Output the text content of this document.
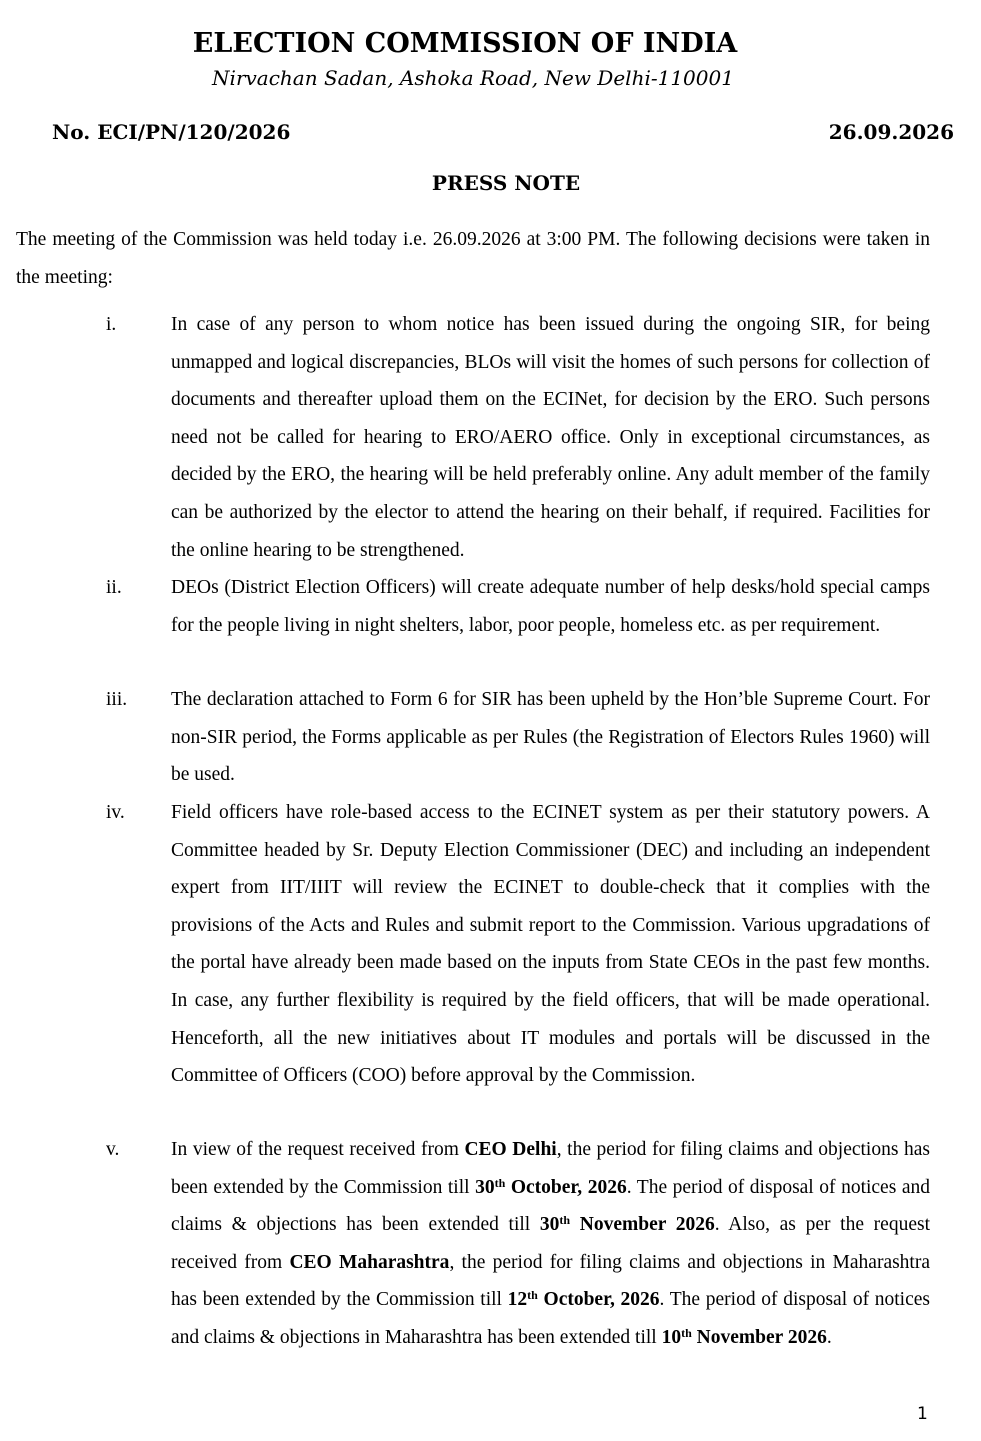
ELECTION COMMISSION OF INDIA
Nirvachan Sadan, Ashoka Road, New Delhi-110001
No. ECI/PN/120/2026	26.09.2026
PRESS NOTE
The meeting of the Commission was held today i.e. 26.09.2026 at 3:00 PM. The following decisions were taken in the meeting:
i.	In case of any person to whom notice has been issued during the ongoing SIR, for being unmapped and logical discrepancies, BLOs will visit the homes of such persons for collection of documents and thereafter upload them on the ECINet, for decision by the ERO. Such persons need not be called for hearing to ERO/AERO office. Only in exceptional circumstances, as decided by the ERO, the hearing will be held preferably online. Any adult member of the family can be authorized by the elector to attend the hearing on their behalf, if required. Facilities for the online hearing to be strengthened.
ii.	DEOs (District Election Officers) will create adequate number of help desks/hold special camps for the people living in night shelters, labor, poor people, homeless etc. as per requirement.
iii. The declaration attached to Form 6 for SIR has been upheld by the Hon’ble Supreme Court. For non-SIR period, the Forms applicable as per Rules (the Registration of Electors Rules 1960) will be used.
iv. Field officers have role-based access to the ECINET system as per their statutory powers. A Committee headed by Sr. Deputy Election Commissioner (DEC) and including an independent expert from IIT/IIIT will review the ECINET to double-check that it complies with the provisions of the Acts and Rules and submit report to the Commission. Various upgradations of the portal have already been made based on the inputs from State CEOs in the past few months. In case, any further flexibility is required by the field officers, that will be made operational. Henceforth, all the new initiatives about IT modules and portals will be discussed in the Committee of Officers (COO) before approval by the Commission.
v.	In view of the request received from CEO Delhi, the period for filing claims and objections has been extended by the Commission till 30th October, 2026. The period of disposal of notices and claims & objections has been extended till 30th November 2026. Also, as per the request received from CEO Maharashtra, the period for filing claims and objections in Maharashtra has been extended by the Commission till 12th October, 2026. The period of disposal of notices and claims & objections in Maharashtra has been extended till 10th November 2026.
1
